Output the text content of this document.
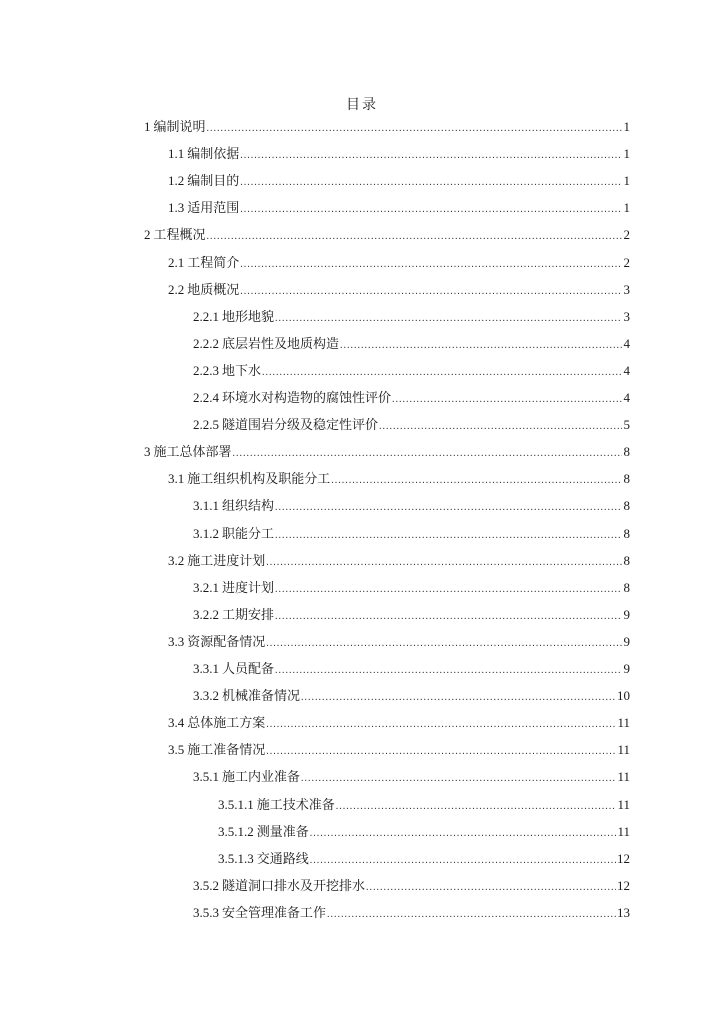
目录
1 编制说明 .....	1
1.1 编制依据 .....	1
1.2 编制目的 .....	1
1.3 适用范围 .....	1
2 工程概况 .....	2
2.1 工程简介 .....	2
2.2 地质概况 .....	3
2.2.1 地形地貌 .....	3
2.2.2 底层岩性及地质构造 .....	4
2.2.3 地下水 .....	4
2.2.4 环境水对构造物的腐蚀性评价 .....	4
2.2.5 隧道围岩分级及稳定性评价 .....	5
3 施工总体部署 .....	8
3.1 施工组织机构及职能分工 .....	8
3.1.1 组织结构 .....	8
3.1.2 职能分工 .....	8
3.2 施工进度计划 .....	8
3.2.1 进度计划 .....	8
3.2.2 工期安排 .....	9
3.3 资源配备情况 .....	9
3.3.1 人员配备 .....	9
3.3.2 机械准备情况 .....	10
3.4 总体施工方案 .....	11
3.5 施工准备情况 .....	11
3.5.1 施工内业准备 .....	11
3.5.1.1 施工技术准备 .....	11
3.5.1.2 测量准备 .....	11
3.5.1.3 交通路线 .....	12
3.5.2 隧道洞口排水及开挖排水 .....	12
3.5.3 安全管理准备工作 .....	13
